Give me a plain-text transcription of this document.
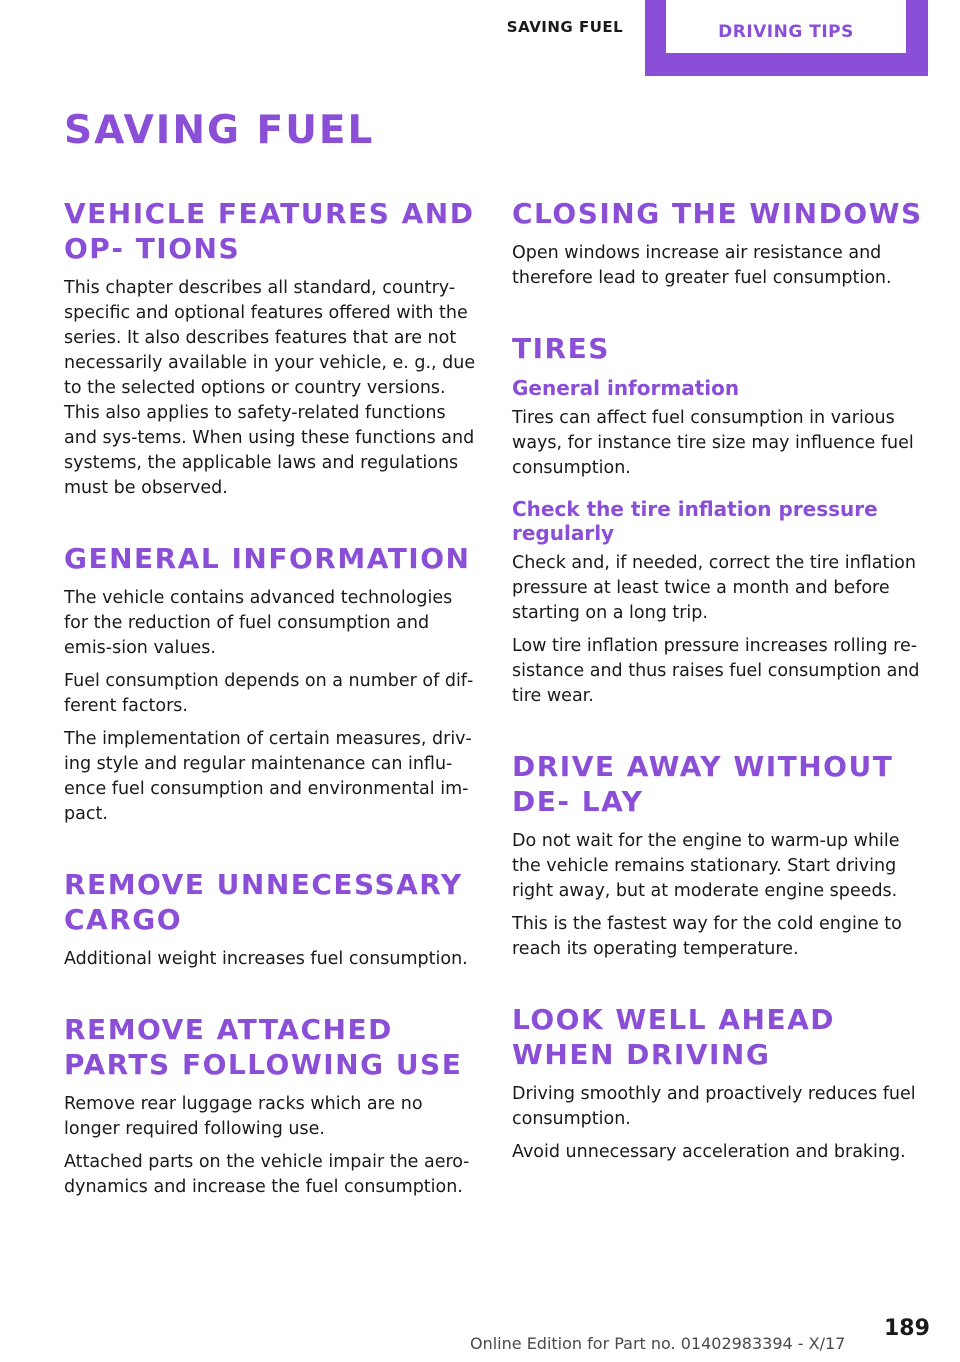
SAVING FUEL	DRIVING TIPS
SAVING FUEL
VEHICLE FEATURES AND OP‐ TIONS

This chapter describes all standard, country-specific and optional features offered with the series. It also describes features that are not necessarily available in your vehicle, e. g., due to the selected options or country versions. This also applies to safety-related functions and sys‐tems. When using these functions and systems, the applicable laws and regulations must be observed.

GENERAL INFORMATION

The vehicle contains advanced technologies for the reduction of fuel consumption and emis‐sion values.

Fuel consumption depends on a number of dif‐ferent factors.

The implementation of certain measures, driv‐ing style and regular maintenance can influ‐ence fuel consumption and environmental im‐pact.

REMOVE UNNECESSARY CARGO

Additional weight increases fuel consumption.

REMOVE ATTACHED PARTS FOLLOWING USE

Remove rear luggage racks which are no longer required following use.

Attached parts on the vehicle impair the aero‐dynamics and increase the fuel consumption.

CLOSING THE WINDOWS

Open windows increase air resistance and therefore lead to greater fuel consumption.

TIRES
General information

Tires can affect fuel consumption in various ways, for instance tire size may influence fuel consumption.

Check the tire inflation pressure regularly

Check and, if needed, correct the tire inflation pressure at least twice a month and before starting on a long trip.

Low tire inflation pressure increases rolling re‐sistance and thus raises fuel consumption and tire wear.

DRIVE AWAY WITHOUT DE‐ LAY

Do not wait for the engine to warm-up while the vehicle remains stationary. Start driving right away, but at moderate engine speeds.

This is the fastest way for the cold engine to reach its operating temperature.

LOOK WELL AHEAD WHEN DRIVING

Driving smoothly and proactively reduces fuel consumption.

Avoid unnecessary acceleration and braking.

Online Edition for Part no. 01402983394 - X/17
189
